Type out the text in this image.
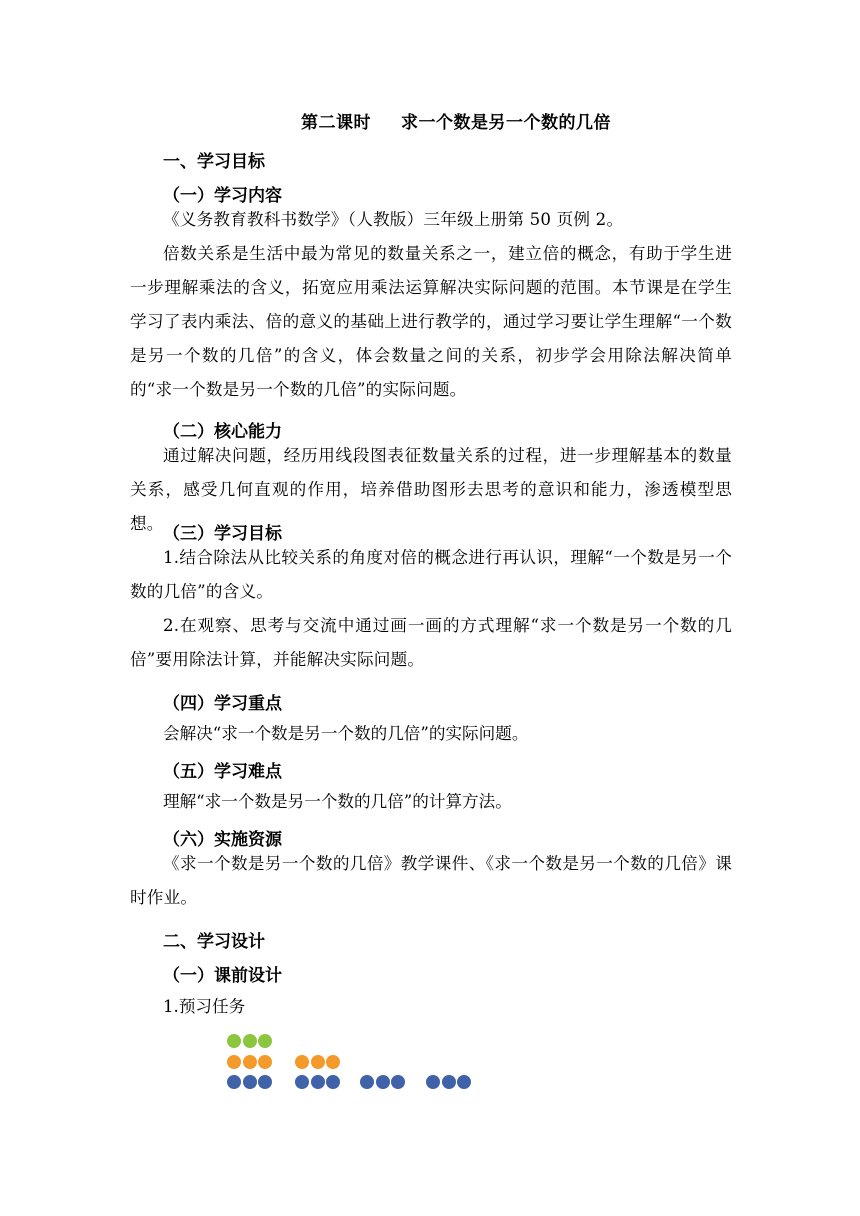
第二课时 求一个数是另一个数的几倍
一、学习目标
（一）学习内容
《义务教育教科书数学》（人教版）三年级上册第 50 页例 2。
倍数关系是生活中最为常见的数量关系之一，建立倍的概念，有助于学生进一步理解乘法的含义，拓宽应用乘法运算解决实际问题的范围。本节课是在学生学习了表内乘法、倍的意义的基础上进行教学的，通过学习要让学生理解“一个数是另一个数的几倍”的含义，体会数量之间的关系，初步学会用除法解决简单的“求一个数是另一个数的几倍”的实际问题。
（二）核心能力
通过解决问题，经历用线段图表征数量关系的过程，进一步理解基本的数量关系，感受几何直观的作用，培养借助图形去思考的意识和能力，渗透模型思想。
（三）学习目标
1.结合除法从比较关系的角度对倍的概念进行再认识，理解“一个数是另一个数的几倍”的含义。
2.在观察、思考与交流中通过画一画的方式理解“求一个数是另一个数的几倍”要用除法计算，并能解决实际问题。
（四）学习重点
会解决“求一个数是另一个数的几倍”的实际问题。
（五）学习难点
理解“求一个数是另一个数的几倍”的计算方法。
（六）实施资源
《求一个数是另一个数的几倍》教学课件、《求一个数是另一个数的几倍》课时作业。
二、学习设计
（一）课前设计
1.预习任务
